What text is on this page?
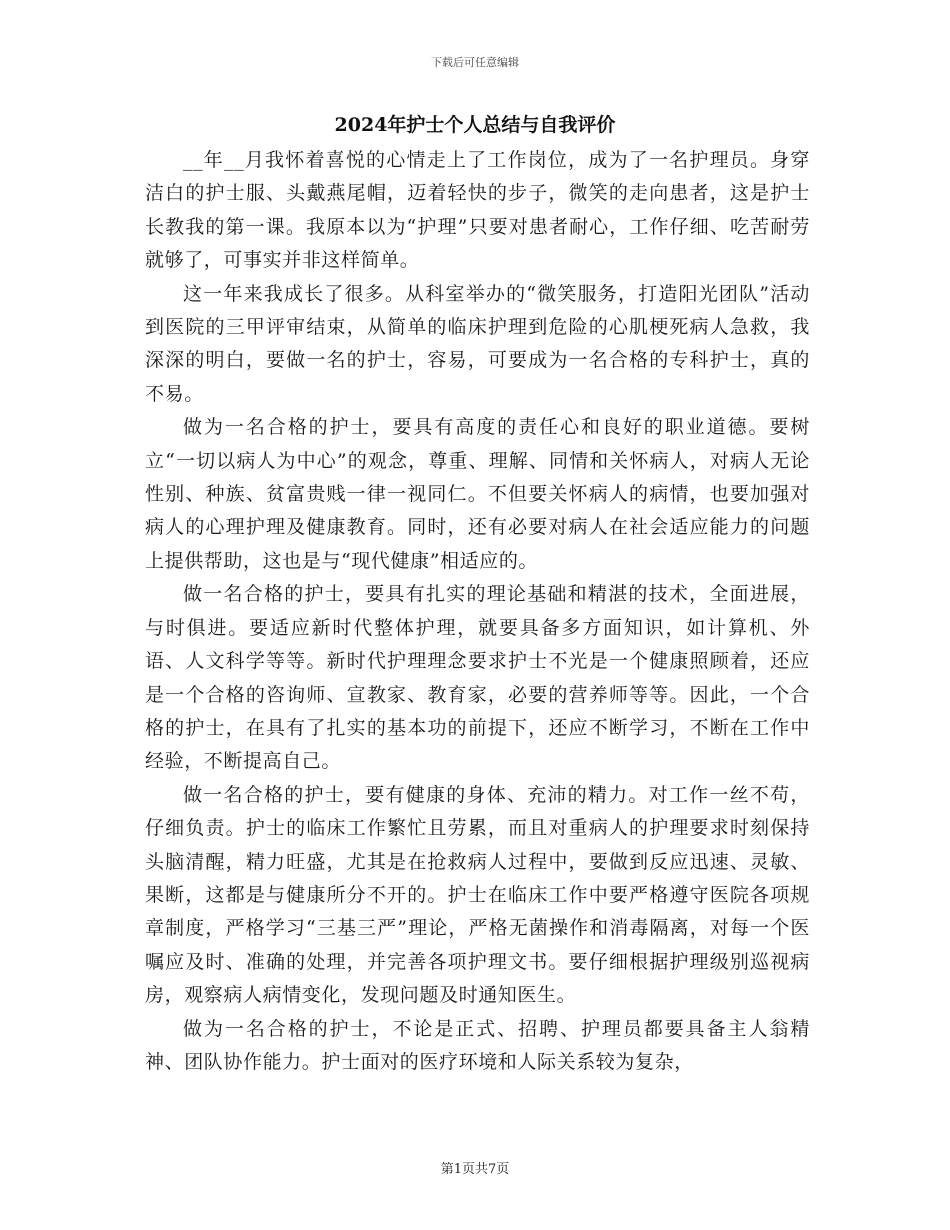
下载后可任意编辑
2024年护士个人总结与自我评价

__年__月我怀着喜悦的心情走上了工作岗位，成为了一名护理员。身穿洁白的护士服、头戴燕尾帽，迈着轻快的步子，微笑的走向患者，这是护士长教我的第一课。我原本以为“护理”只要对患者耐心，工作仔细、吃苦耐劳就够了，可事实并非这样简单。

这一年来我成长了很多。从科室举办的“微笑服务，打造阳光团队”活动到医院的三甲评审结束，从简单的临床护理到危险的心肌梗死病人急救，我深深的明白，要做一名的护士，容易，可要成为一名合格的专科护士，真的不易。

做为一名合格的护士，要具有高度的责任心和良好的职业道德。要树立“一切以病人为中心”的观念，尊重、理解、同情和关怀病人，对病人无论性别、种族、贫富贵贱一律一视同仁。不但要关怀病人的病情，也要加强对病人的心理护理及健康教育。同时，还有必要对病人在社会适应能力的问题上提供帮助，这也是与“现代健康”相适应的。

做一名合格的护士，要具有扎实的理论基础和精湛的技术，全面进展，与时俱进。要适应新时代整体护理，就要具备多方面知识，如计算机、外语、人文科学等等。新时代护理理念要求护士不光是一个健康照顾着，还应是一个合格的咨询师、宣教家、教育家，必要的营养师等等。因此，一个合格的护士，在具有了扎实的基本功的前提下，还应不断学习，不断在工作中经验，不断提高自己。

做一名合格的护士，要有健康的身体、充沛的精力。对工作一丝不苟，仔细负责。护士的临床工作繁忙且劳累，而且对重病人的护理要求时刻保持头脑清醒，精力旺盛，尤其是在抢救病人过程中，要做到反应迅速、灵敏、果断，这都是与健康所分不开的。护士在临床工作中要严格遵守医院各项规章制度，严格学习“三基三严”理论，严格无菌操作和消毒隔离，对每一个医嘱应及时、准确的处理，并完善各项护理文书。要仔细根据护理级别巡视病房，观察病人病情变化，发现问题及时通知医生。

做为一名合格的护士，不论是正式、招聘、护理员都要具备主人翁精神、团队协作能力。护士面对的医疗环境和人际关系较为复杂，

第1页共7页
